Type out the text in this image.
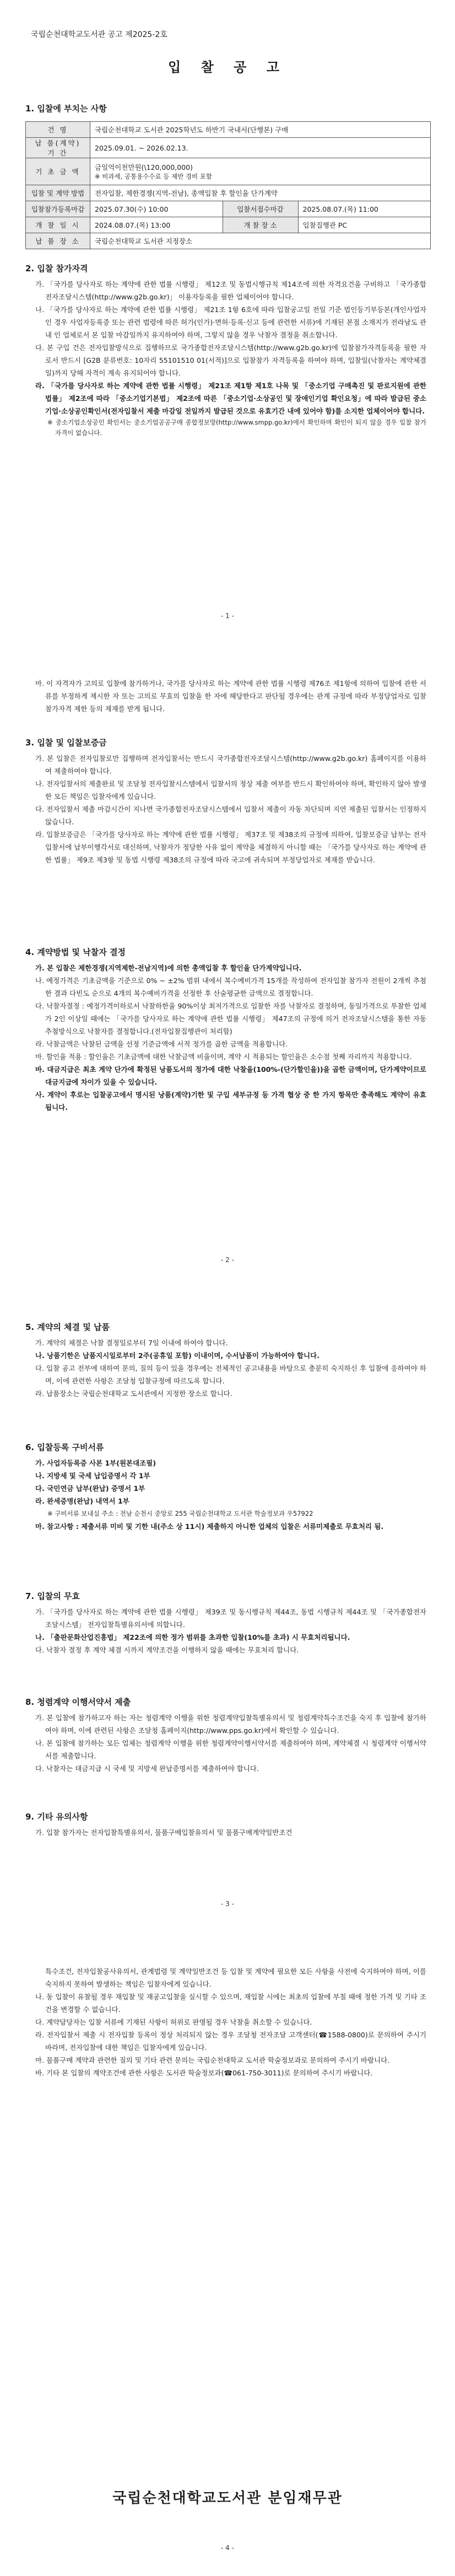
국립순천대학교도서관 공고 제2025-2호
입 찰 공 고
1. 입찰에 부치는 사항
건 명	국립순천대학교 도서관 2025학년도 하반기 국내서(단행본) 구매		
납 품(계약) 기 간	2025.09.01. ~ 2026.02.13.		
기 초 금 액	금일억이천만원(\120,000,000)
※ 비과세, 공통용수수료 등 제반 경비 포함		

입찰 및 계약 방법	전자입찰, 제한경쟁(지역-전남), 총액입찰 후 할인율 단가계약		
입찰참가등록마감	2025.07.30(수) 10:00	입찰서접수마감	2025.08.07.(목) 11:00
개 찰 일 시	2024.08.07.(목) 13:00	개 찰 장 소	입찰집행관 PC
납 품 장 소	국립순천대학교 도서관 지정장소		
2. 입찰 참가자격
가. 「국가를 당사자로 하는 계약에 관한 법률 시행령」 제12조 및 동법시행규칙 제14조에 의한 자격요건을 구비하고 「국가종합전자조달시스템(http://www.g2b.go.kr)」 이용자등록을 필한 업체이어야 합니다.
나. 「국가를 당사자로 하는 계약에 관한 법률 시행령」 제21조 1항 6호에 따라 입찰공고일 전일 기준 법인등기부등본(개인사업자인 경우 사업자등록증 또는 관련 법령에 따른 허가(인가)·면허·등록·신고 등에 관련한 서류)에 기재된 본점 소재지가 전라남도 관내 인 업체로서 본 입찰 마감일까지 유지하여야 하며, 그렇지 않을 경우 낙찰자 결정을 취소합니다.
다. 본 구입 건은 전자입찰방식으로 집행하므로 국가종합전자조달시스템(http://www.g2b.go.kr)에 입찰참가자격등록을 필한 자로서 반드시 [G2B 분류번호: 10자리 55101510 01(서적)]으로 입찰참가 자격등록을 하여야 하며, 입찰일(낙찰자는 계약체결일)까지 당해 자격이 계속 유지되어야 합니다.
라. 「국가를 당사자로 하는 계약에 관한 법률 시행령」 제21조 제1항 제1호 나목 및 「중소기업 구매촉진 및 판로지원에 관한 법률」 제2조에 따라 「중소기업기본법」 제2조에 따른 「중소기업·소상공인 및 장애인기업 확인요청」에 따라 발급된 중소기업·소상공인확인서(전자입찰서 제출 마감일 전일까지 발급된 것으로 유효기간 내에 있어야 함)를 소지한 업체이어야 합니다.
※ 중소기업소상공인 확인서는 중소기업공공구매 종합정보망(http://www.smpp.go.kr)에서 확인하며 확인이 되지 않을 경우 입찰 참가 자격이 없습니다.
- 1 -
마. 이 자격자가 고의로 입찰에 참가하거나, 국가를 당사자로 하는 계약에 관한 법률 시행령 제76조 제1항에 의하여 입찰에 관한 서류를 부정하게 제시한 자 또는 고의로 무효의 입찰을 한 자에 해당한다고 판단될 경우에는 관계 규정에 따라 부정당업자로 입찰참가자격 제한 등의 제재를 받게 됩니다.
3. 입찰 및 입찰보증금
가. 본 입찰은 전자입찰로만 집행하며 전자입찰서는 반드시 국가종합전자조달시스템(http://www.g2b.go.kr) 홈페이지를 이용하여 제출하여야 합니다.
나. 전자입찰서의 제출완료 및 조달청 전자입찰시스템에서 입찰서의 정상 제출 여부를 반드시 확인하여야 하며, 확인하지 않아 발생한 모든 책임은 입찰자에게 있습니다.
다. 전자입찰서 제출 마감시간이 지나면 국가종합전자조달시스템에서 입찰서 제출이 자동 차단되며 지연 제출된 입찰서는 인정하지 않습니다.
라. 입찰보증금은 「국가를 당사자로 하는 계약에 관한 법률 시행령」 제37조 및 제38조의 규정에 의하여, 입찰보증금 납부는 전자입찰서에 납부이행각서로 대신하며, 낙찰자가 정당한 사유 없이 계약을 체결하지 아니할 때는 「국가를 당사자로 하는 계약에 관한 법률」 제9조 제3항 및 동법 시행령 제38조의 규정에 따라 국고에 귀속되며 부정당업자로 제재를 받습니다.
4. 계약방법 및 낙찰자 결정
가. 본 입찰은 제한경쟁(지역제한-전남지역)에 의한 총액입찰 후 할인율 단가계약입니다.
나. 예정가격은 기초금액을 기준으로 0% ~ ±2% 범위 내에서 복수예비가격 15개를 작성하여 전자입찰 참가자 전원이 2개씩 추첨한 결과 다빈도 순으로 4개의 복수예비가격을 선정한 후 산술평균한 금액으로 결정합니다.
다. 낙찰자결정 : 예정가격이하로서 낙찰하한율 90%이상 최저가격으로 입찰한 자를 낙찰자로 결정하며, 동일가격으로 투찰한 업체가 2인 이상일 때에는 「국가를 당사자로 하는 계약에 관한 법률 시행령」 제47조의 규정에 의거 전자조달시스템을 통한 자동추첨방식으로 낙찰자를 결정합니다.(전자입찰집행관이 처리함)
라. 낙찰금액은 낙찰된 금액을 선정 기준금액에 서적 정가를 곱한 금액을 적용합니다.
마. 할인율 적용 : 할인율은 기초금액에 대한 낙찰금액 비율이며, 계약 시 적용되는 할인율은 소수점 첫째 자리까지 적용합니다.
바. 대금지급은 최초 계약 단가에 확정된 낭품도서의 정가에 대한 낙찰율(100%-(단가할인율))을 곱한 금액이며, 단가계약이므로 대금지급에 차이가 있을 수 있습니다.
사. 계약이 후로는 입찰공고에서 명시된 낭품(계약)기한 및 구입 세부규정 등 가격 협상 중 한 가지 항목만 충족해도 계약이 유효됩니다.
- 2 -
5. 계약의 체결 및 납품
가. 계약의 체결은 낙찰 결정일로부터 7일 이내에 하여야 합니다.
나. 낭품기한은 납품지시일로부터 2주(공휴일 포함) 이내이며, 수서납품이 가능하여야 합니다.
다. 입찰 공고 전부에 대하여 문의, 질의 등이 있을 경우에는 전체적인 공고내용을 바탕으로 충분히 숙지하신 후 입찰에 응하여야 하며, 이에 관련한 사항은 조달청 입찰규정에 따르도록 합니다.
라. 납품장소는 국립순천대학교 도서관에서 지정한 장소로 합니다.
6. 입찰등록 구비서류
가. 사업자등록증 사본 1부(원본대조필)
나. 지방세 및 국세 납입증명서 각 1부
다. 국민연금 납부(완납) 증명서 1부
라. 완세증명(완납) 내역서 1부
※ 구비서류 보내실 주소 : 전남 순천시 중앙로 255 국립순천대학교 도서관 학술정보과 우57922
마. 참고사항 : 제출서류 미비 및 기한 내(주소 상 11시) 제출하지 아니한 업체의 입찰은 서류미제출로 무효처리 됨.
7. 입찰의 무효
가. 「국가를 당사자로 하는 계약에 관한 법률 시행령」 제39조 및 동시행규칙 제44조, 동법 시행규칙 제44조 및 「국가종합전자조달시스템」 전자입찰특별유의서에 의합니다.
나. 「출판문화산업진흥법」 제22조에 의한 정가 범위를 초과한 입찰(10%를 초과) 시 무효처리됩니다.
다. 낙찰자 결정 후 계약 체결 시까지 계약조건을 이행하지 않을 때에는 무효처리 합니다.
8. 청렴계약 이행서약서 제출
가. 본 입찰에 참가하고자 하는 자는 청렴계약 이행을 위한 청렴계약입찰특별유의서 및 청렴계약특수조건을 숙지 후 입찰에 참가하여야 하며, 이에 관련된 사항은 조달청 홈페이지(http://www.pps.go.kr)에서 확인할 수 있습니다.
나. 본 입찰에 참가하는 모든 업체는 청렴계약 이행을 위한 청렴계약이행서약서를 제출하여야 하며, 계약체결 시 청렴계약 이행서약서를 제출합니다.
다. 낙찰자는 대금지급 시 국세 및 지방세 완납증명서를 제출하여야 합니다.
9. 기타 유의사항
가. 입찰 참가자는 전자입찰특별유의서, 물품구매입찰유의서 및 물품구매계약일반조건
- 3 -
특수조건, 전자입찰공사유의서, 관계법령 및 계약일반조건 등 입찰 및 계약에 필요한 모든 사항을 사전에 숙지하여야 하며, 이를 숙지하지 못하여 발생하는 책임은 입찰자에게 있습니다.
나. 동 입찰이 유찰될 경우 재입찰 및 재공고입찰을 실시할 수 있으며, 재입찰 시에는 최초의 입찰에 부칠 때에 정한 가격 및 기타 조건을 변경할 수 없습니다.
다. 계약담당자는 입찰 서류에 기재된 사항이 허위로 판명될 경우 낙찰을 취소할 수 있습니다.
라. 전자입찰서 제출 시 전자입찰 등록이 정상 처리되지 않는 경우 조달청 전자조달 고객센터(☎1588-0800)로 문의하여 주시기 바라며, 전자입찰에 대한 책임은 입찰자에게 있습니다.
마. 물품구매 계약과 관련한 질의 및 기타 관련 문의는 국립순천대학교 도서관 학술정보과로 문의하여 주시기 바랍니다.
바. 기타 본 입찰의 계약조건에 관한 사항은 도서관 학술정보과(☎061-750-3011)로 문의하여 주시기 바랍니다.
국립순천대학교도서관 분임재무관
- 4 -
